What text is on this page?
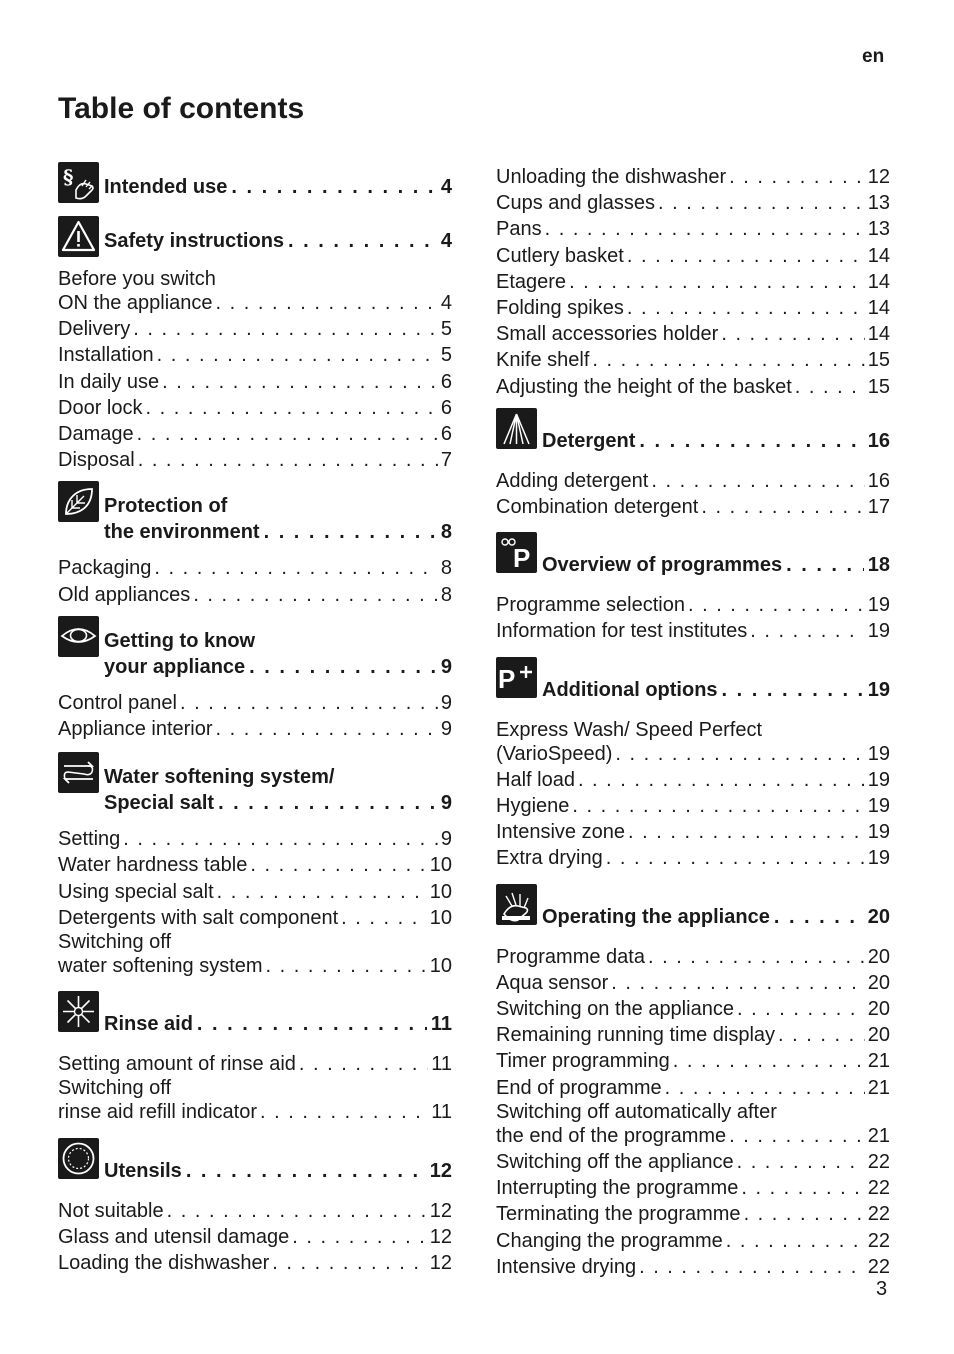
en
Table of contents
§ Intended use . . .	4
Safety instructions . . .	4
Before you switch
ON the appliance . . .	4
Delivery . . .	5
Installation . . .	5
In daily use . . .	6
Door lock . . .	6
Damage . . .	6
Disposal . . .	7
Protection of
the environment . . .	8
Packaging . . .	8
Old appliances . . .	8
Getting to know
your appliance . . .	9
Control panel . . .	9
Appliance interior . . .	9
Water softening system/
Special salt . . .	9
Setting . . .	9
Water hardness table . . .	10
Using special salt . . .	10
Detergents with salt component . . .	10
Switching off
water softening system . . .	10
Rinse aid . . .	11
Setting amount of rinse aid . . .	11
Switching off
rinse aid refill indicator . . .	11
Utensils . . .	12
Not suitable . . .	12
Glass and utensil damage . . .	12
Loading the dishwasher . . .	12
Unloading the dishwasher . . .	12
Cups and glasses . . .	13
Pans . . .	13
Cutlery basket . . .	14
Etagere . . .	14
Folding spikes . . .	14
Small accessories holder . . .	14
Knife shelf . . .	15
Adjusting the height of the basket . . .	15
Detergent . . .	16
Adding detergent . . .	16
Combination detergent . . .	17
P Overview of programmes . . .	18
Programme selection . . .	19
Information for test institutes . . .	19
P Additional options . . .	19
Express Wash/ Speed Perfect
(VarioSpeed) . . .	19
Half load . . .	19
Hygiene . . .	19
Intensive zone . . .	19
Extra drying . . .	19
Operating the appliance . . .	20
Programme data . . .	20
Aqua sensor . . .	20
Switching on the appliance . . .	20
Remaining running time display . . .	20
Timer programming . . .	21
End of programme . . .	21
Switching off automatically after
the end of the programme . . .	21
Switching off the appliance . . .	22
Interrupting the programme . . .	22
Terminating the programme . . .	22
Changing the programme . . .	22
Intensive drying . . .	22
3
